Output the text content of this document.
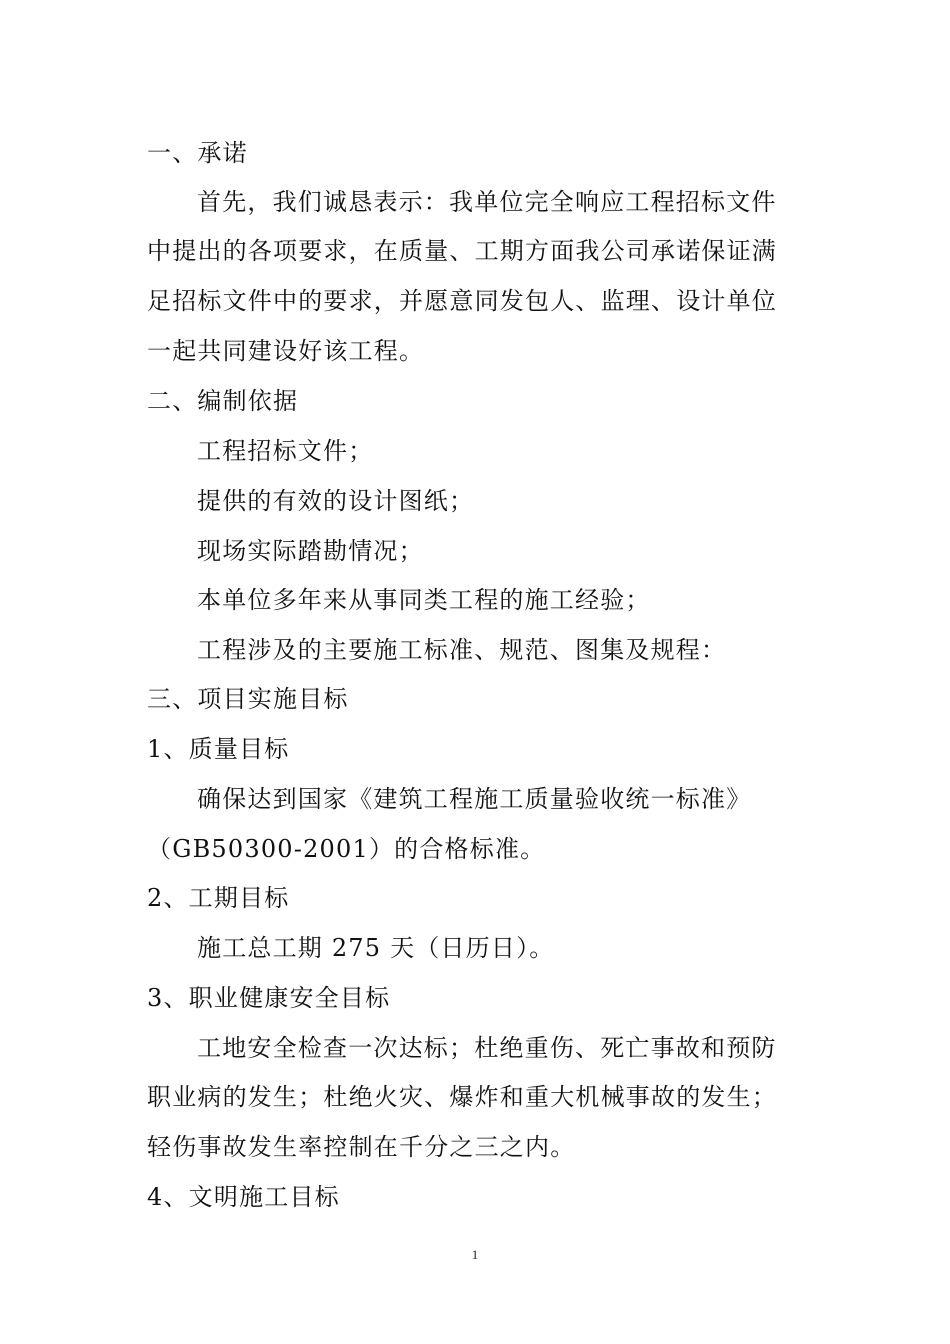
一、承诺
首先，我们诚恳表示：我单位完全响应工程招标文件
中提出的各项要求，在质量、工期方面我公司承诺保证满
足招标文件中的要求，并愿意同发包人、监理、设计单位
一起共同建设好该工程。
二、编制依据
工程招标文件；
提供的有效的设计图纸；
现场实际踏勘情况；
本单位多年来从事同类工程的施工经验；
工程涉及的主要施工标准、规范、图集及规程：
三、项目实施目标
1、质量目标
确保达到国家《建筑工程施工质量验收统一标准》
（GB50300-2001）的合格标准。
2、工期目标
施工总工期 275 天（日历日）。
3、职业健康安全目标
工地安全检查一次达标；杜绝重伤、死亡事故和预防
职业病的发生；杜绝火灾、爆炸和重大机械事故的发生；
轻伤事故发生率控制在千分之三之内。
4、文明施工目标
1
